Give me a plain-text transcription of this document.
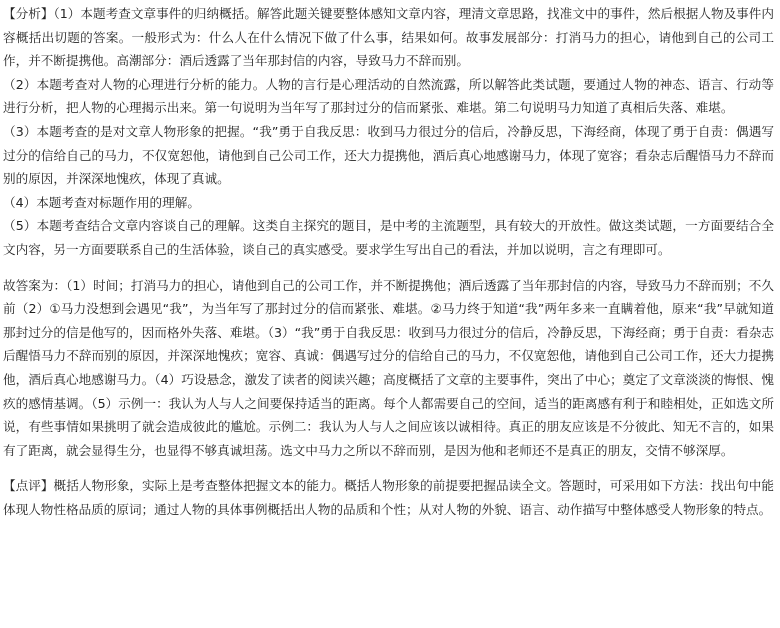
【分析】（1）本题考查文章事件的归纳概括。解答此题关键要整体感知文章内容，理清文章思路，找准文中的事件，然后根据人物及事件内容概括出切题的答案。一般形式为：什么人在什么情况下做了什么事，结果如何。故事发展部分：打消马力的担心，请他到自己的公司工作，并不断提携他。高潮部分：酒后透露了当年那封信的内容，导致马力不辞而别。

（2）本题考查对人物的心理进行分析的能力。人物的言行是心理活动的自然流露，所以解答此类试题，要通过人物的神态、语言、行动等进行分析，把人物的心理揭示出来。第一句说明为当年写了那封过分的信而紧张、难堪。第二句说明马力知道了真相后失落、难堪。

（3）本题考查的是对文章人物形象的把握。“我”勇于自我反思：收到马力很过分的信后，冷静反思，下海经商，体现了勇于自责：偶遇写过分的信给自己的马力，不仅宽恕他，请他到自己公司工作，还大力提携他，酒后真心地感谢马力，体现了宽容；看杂志后醒悟马力不辞而别的原因，并深深地愧疚，体现了真诚。

（4）本题考查对标题作用的理解。

（5）本题考查结合文章内容谈自己的理解。这类自主探究的题目，是中考的主流题型，具有较大的开放性。做这类试题，一方面要结合全文内容，另一方面要联系自己的生活体验，谈自己的真实感受。要求学生写出自己的看法，并加以说明，言之有理即可。

故答案为：（1）时间；打消马力的担心，请他到自己的公司工作，并不断提携他；酒后透露了当年那封信的内容，导致马力不辞而别；不久前（2）①马力没想到会遇见“我”，为当年写了那封过分的信而紧张、难堪。②马力终于知道“我”两年多来一直瞒着他，原来“我”早就知道那封过分的信是他写的，因而格外失落、难堪。（3）“我”勇于自我反思：收到马力很过分的信后，冷静反思，下海经商；勇于自责：看杂志后醒悟马力不辞而别的原因，并深深地愧疚；宽容、真诚：偶遇写过分的信给自己的马力，不仅宽恕他，请他到自己公司工作，还大力提携他，酒后真心地感谢马力。（4）巧设悬念，激发了读者的阅读兴趣；高度概括了文章的主要事件，突出了中心；奠定了文章淡淡的悔恨、愧疚的感情基调。（5）示例一：我认为人与人之间要保持适当的距离。每个人都需要自己的空间，适当的距离感有利于和睦相处，正如选文所说，有些事情如果挑明了就会造成彼此的尴尬。示例二：我认为人与人之间应该以诚相待。真正的朋友应该是不分彼此、知无不言的，如果有了距离，就会显得生分，也显得不够真诚坦荡。选文中马力之所以不辞而别，是因为他和老师还不是真正的朋友，交情不够深厚。

【点评】概括人物形象，实际上是考查整体把握文本的能力。概括人物形象的前提要把握品读全文。答题时，可采用如下方法：找出句中能体现人物性格品质的原词；通过人物的具体事例概括出人物的品质和个性；从对人物的外貌、语言、动作描写中整体感受人物形象的特点。
